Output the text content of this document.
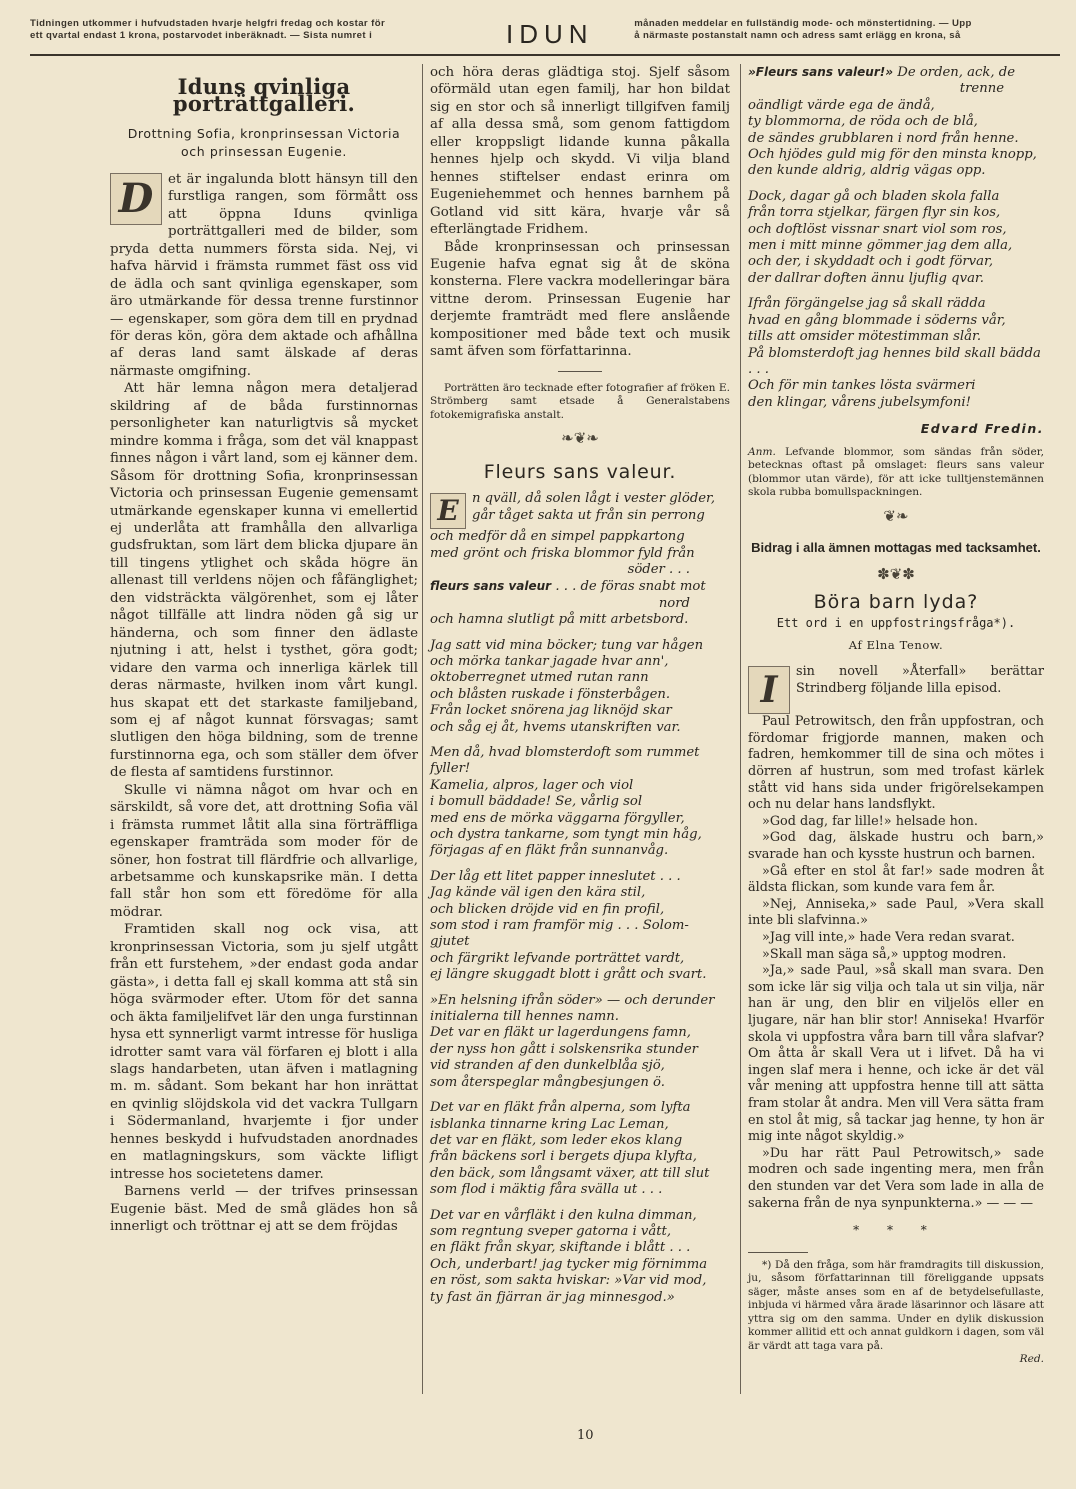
Tidningen utkommer i hufvudstaden hvarje helgfri fredag och kostar för
ett qvartal endast 1 krona, postarvodet inberäknadt. — Sista numret i	IDUN	månaden meddelar en fullständig mode- och mönstertidning. — Upp
å närmaste postanstalt namn och adress samt erlägg en krona, så
Iduns qvinliga porträttgalleri.
Drottning Sofia, kronprinsessan Victoria
och prinsessan Eugenie.

D	et är ingalunda blott hänsyn till den furstliga rangen, som förmått oss att öppna Iduns qvinliga porträttgalleri med de bilder, som pryda detta nummers första sida. Nej, vi hafva härvid i främsta rummet fäst oss vid de ädla och sant qvinliga egenskaper, som äro utmärkande för dessa trenne furstinnor — egenskaper, som göra dem till en prydnad för deras kön, göra dem aktade och afhållna af deras land samt älskade af deras närmaste omgifning.

Att här lemna någon mera detaljerad skildring af de båda furstinnornas personligheter kan naturligtvis så mycket mindre komma i fråga, som det väl knappast finnes någon i vårt land, som ej känner dem. Såsom för drottning Sofia, kronprinsessan Victoria och prinsessan Eugenie gemensamt utmärkande egenskaper kunna vi emellertid ej underlåta att framhålla den allvarliga gudsfruktan, som lärt dem blicka djupare än till tingens ytlighet och skåda högre än allenast till verldens nöjen och fåfänglighet; den vidsträckta välgörenhet, som ej låter något tillfälle att lindra nöden gå sig ur händerna, och som finner den ädlaste njutning i att, helst i tysthet, göra godt; vidare den varma och innerliga kärlek till deras närmaste, hvilken inom vårt kungl. hus skapat ett det starkaste familjeband, som ej af något kunnat försvagas; samt slutligen den höga bildning, som de trenne furstinnorna ega, och som ställer dem öfver de flesta af samtidens furstinnor.

Skulle vi nämna något om hvar och en särskildt, så vore det, att drottning Sofia väl i främsta rummet låtit alla sina förträffliga egenskaper framträda som moder för de söner, hon fostrat till flärdfrie och allvarlige, arbetsamme och kunskapsrike män. I detta fall står hon som ett föredöme för alla mödrar.

Framtiden skall nog ock visa, att kronprinsessan Victoria, som ju sjelf utgått från ett furstehem, »der endast goda andar gästa», i detta fall ej skall komma att stå sin höga svärmoder efter. Utom för det sanna och äkta familjelifvet lär den unga furstinnan hysa ett synnerligt varmt intresse för husliga idrotter samt vara väl förfaren ej blott i alla slags handarbeten, utan äfven i matlagning m. m. sådant. Som bekant har hon inrättat en qvinlig slöjdskola vid det vackra Tullgarn i Södermanland, hvarjemte i fjor under hennes beskydd i hufvudstaden anordnades en matlagningskurs, som väckte lifligt intresse hos societetens damer.

Barnens verld — der trifves prinsessan Eugenie bäst. Med de små glädes hon så innerligt och tröttnar ej att se dem fröjdas

och höra deras glädtiga stoj. Sjelf såsom oförmäld utan egen familj, har hon bildat sig en stor och så innerligt tillgifven familj af alla dessa små, som genom fattigdom eller kroppsligt lidande kunna påkalla hennes hjelp och skydd. Vi vilja bland hennes stiftelser endast erinra om Eugeniehemmet och hennes barnhem på Gotland vid sitt kära, hvarje vår så efterlängtade Fridhem.

Både kronprinsessan och prinsessan Eugenie hafva egnat sig åt de sköna konsterna. Flere vackra modelleringar bära vittne derom. Prinsessan Eugenie har derjemte framträdt med flere anslående kompositioner med både text och musik samt äfven som författarinna.

Porträtten äro tecknade efter fotografier af fröken E. Strömberg samt etsade å Generalstabens fotokemigrafiska anstalt.

❧❦❧
Fleurs sans valeur.
E	n qväll, då solen lågt i vester glöder,
går tåget sakta ut från sin perrong
och medför då en simpel pappkartong
med grönt och friska blommor fyld från
söder . . .
fleurs sans valeur . . . de föras snabt mot
nord
och hamna slutligt på mitt arbetsbord.
Jag satt vid mina böcker; tung var hågen
och mörka tankar jagade hvar ann',
oktoberregnet utmed rutan rann
och blåsten ruskade i fönsterbågen.
Från locket snörena jag liknöjd skar
och såg ej åt, hvems utanskriften var.
Men då, hvad blomsterdoft som rummet
fyller!
Kamelia, alpros, lager och viol
i bomull bäddade! Se, vårlig sol
med ens de mörka väggarna förgyller,
och dystra tankarne, som tyngt min håg,
förjagas af en fläkt från sunnanvåg.
Der låg ett litet papper inneslutet . . .
Jag kände väl igen den kära stil,
och blicken dröjde vid en fin profil,
som stod i ram framför mig . . . Solom-
gjutet
och färgrikt lefvande porträttet vardt,
ej längre skuggadt blott i grått och svart.
»En helsning ifrån söder» — och derunder
initialerna till hennes namn.
Det var en fläkt ur lagerdungens famn,
der nyss hon gått i solskensrika stunder
vid stranden af den dunkelblåa sjö,
som återspeglar mångbesjungen ö.
Det var en fläkt från alperna, som lyfta
isblanka tinnarne kring Lac Leman,
det var en fläkt, som leder ekos klang
från bäckens sorl i bergets djupa klyfta,
den bäck, som långsamt växer, att till slut
som flod i mäktig fåra svälla ut . . .
Det var en vårfläkt i den kulna dimman,
som regntung sveper gatorna i vått,
en fläkt från skyar, skiftande i blått . . .
Och, underbart! jag tycker mig förnimma
en röst, som sakta hviskar: »Var vid mod,
ty fast än fjärran är jag minnesgod.»
»Fleurs sans valeur!» De orden, ack, de
trenne
oändligt värde ega de ändå,
ty blommorna, de röda och de blå,
de sändes grubblaren i nord från henne.
Och hjödes guld mig för den minsta knopp,
den kunde aldrig, aldrig vägas opp.
Dock, dagar gå och bladen skola falla
från torra stjelkar, färgen flyr sin kos,
och doftlöst vissnar snart viol som ros,
men i mitt minne gömmer jag dem alla,
och der, i skyddadt och i godt förvar,
der dallrar doften ännu ljuflig qvar.
Ifrån förgängelse jag så skall rädda
hvad en gång blommade i söderns vår,
tills att omsider mötestimman slår.
På blomsterdoft jag hennes bild skall bädda . . .
Och för min tankes lösta svärmeri
den klingar, vårens jubelsymfoni!
Edvard Fredin.

Anm. Lefvande blommor, som sändas från söder, betecknas oftast på omslaget: fleurs sans valeur (blommor utan värde), för att icke tulltjenstemännen skola rubba bomullspackningen.

❦❧
Bidrag i alla ämnen mottagas med tacksamhet.
✽❦✽
Böra barn lyda?
Ett ord i en uppfostringsfråga*).
Af Elna Tenow.

I	sin novell »Återfall» berättar Strindberg följande lilla episod.

Paul Petrowitsch, den från uppfostran, och fördomar frigjorde mannen, maken och fadren, hemkommer till de sina och mötes i dörren af hustrun, som med trofast kärlek stått vid hans sida under frigörelsekampen och nu delar hans landsflykt.

»God dag, far lille!» helsade hon.

»God dag, älskade hustru och barn,» svarade han och kysste hustrun och barnen.

»Gå efter en stol åt far!» sade modren åt äldsta flickan, som kunde vara fem år.

»Nej, Anniseka,» sade Paul, »Vera skall inte bli slafvinna.»

»Jag vill inte,» hade Vera redan svarat.

»Skall man säga så,» upptog modren.

»Ja,» sade Paul, »så skall man svara. Den som icke lär sig vilja och tala ut sin vilja, när han är ung, den blir en viljelös eller en ljugare, när han blir stor! Anniseka! Hvarför skola vi uppfostra våra barn till våra slafvar? Om åtta år skall Vera ut i lifvet. Då ha vi ingen slaf mera i henne, och icke är det väl vår mening att uppfostra henne till att sätta fram stolar åt andra. Men vill Vera sätta fram en stol åt mig, så tackar jag henne, ty hon är mig inte något skyldig.»

»Du har rätt Paul Petrowitsch,» sade modren och sade ingenting mera, men från den stunden var det Vera som lade in alla de sakerna från de nya synpunkterna.» — — —

* * *

*) Då den fråga, som här framdragits till diskussion, ju, såsom författarinnan till föreliggande uppsats säger, måste anses som en af de betydelsefullaste, inbjuda vi härmed våra ärade läsarinnor och läsare att yttra sig om den samma. Under en dylik diskussion kommer allitid ett och annat guldkorn i dagen, som väl är värdt att taga vara på.

Red.
10
